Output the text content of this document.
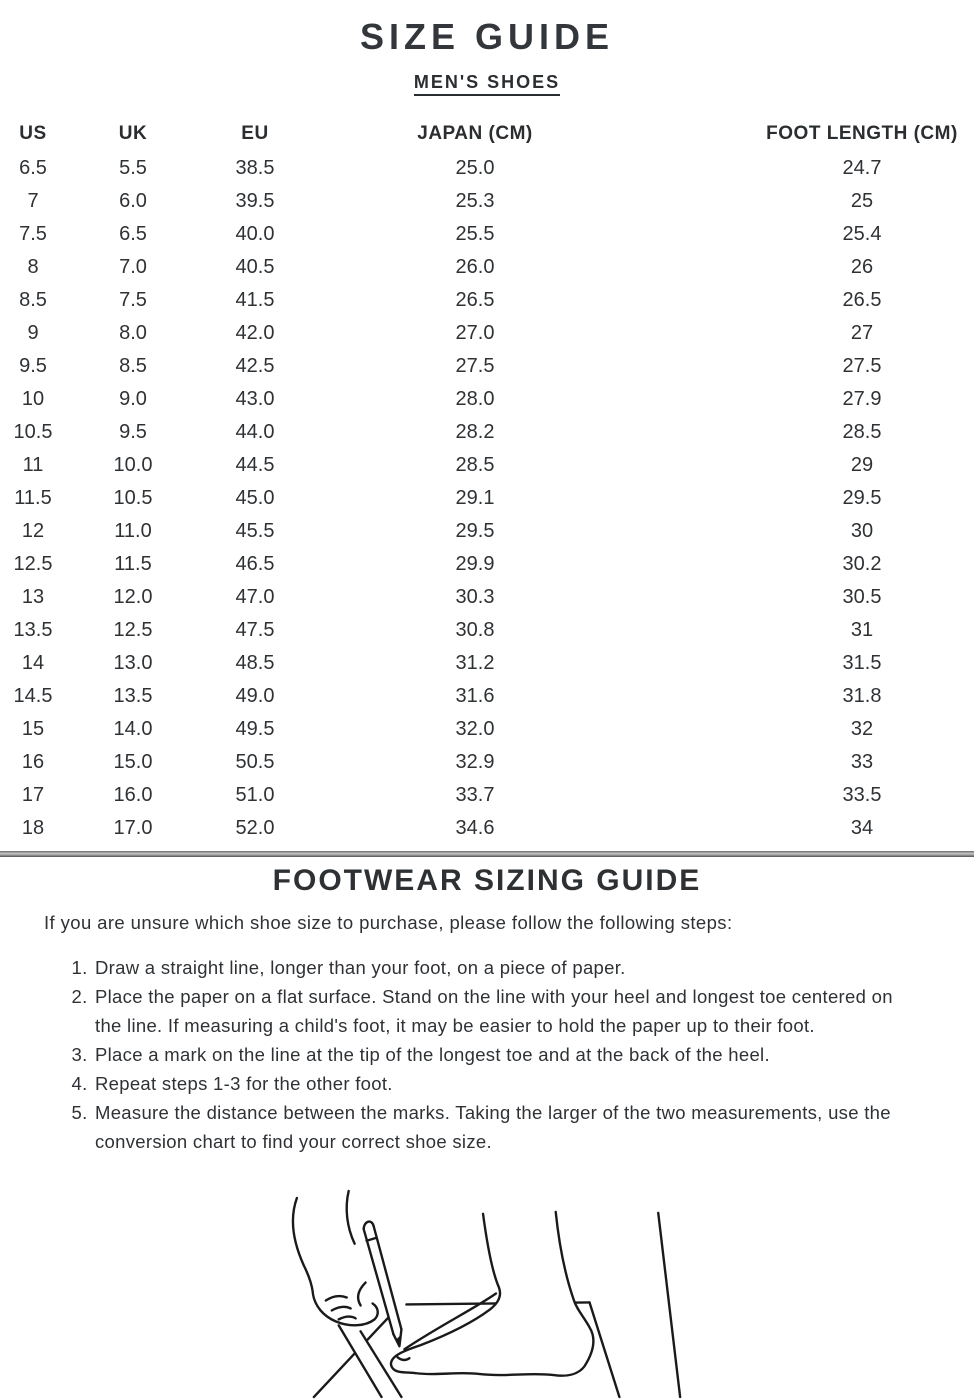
SIZE GUIDE
MEN'S SHOES
US	UK	EU	JAPAN (CM)	FOOT LENGTH (CM)
6.5	5.5	38.5	25.0	24.7
7	6.0	39.5	25.3	25
7.5	6.5	40.0	25.5	25.4
8	7.0	40.5	26.0	26
8.5	7.5	41.5	26.5	26.5
9	8.0	42.0	27.0	27
9.5	8.5	42.5	27.5	27.5
10	9.0	43.0	28.0	27.9
10.5	9.5	44.0	28.2	28.5
11	10.0	44.5	28.5	29
11.5	10.5	45.0	29.1	29.5
12	11.0	45.5	29.5	30
12.5	11.5	46.5	29.9	30.2
13	12.0	47.0	30.3	30.5
13.5	12.5	47.5	30.8	31
14	13.0	48.5	31.2	31.5
14.5	13.5	49.0	31.6	31.8
15	14.0	49.5	32.0	32
16	15.0	50.5	32.9	33
17	16.0	51.0	33.7	33.5
18	17.0	52.0	34.6	34
FOOTWEAR SIZING GUIDE

If you are unsure which shoe size to purchase, please follow the following steps:

1. Draw a straight line, longer than your foot, on a piece of paper.
2. Place the paper on a flat surface. Stand on the line with your heel and longest toe centered on the line. If measuring a child's foot, it may be easier to hold the paper up to their foot.
3. Place a mark on the line at the tip of the longest toe and at the back of the heel.
4. Repeat steps 1-3 for the other foot.
5. Measure the distance between the marks. Taking the larger of the two measurements, use the conversion chart to find your correct shoe size.
